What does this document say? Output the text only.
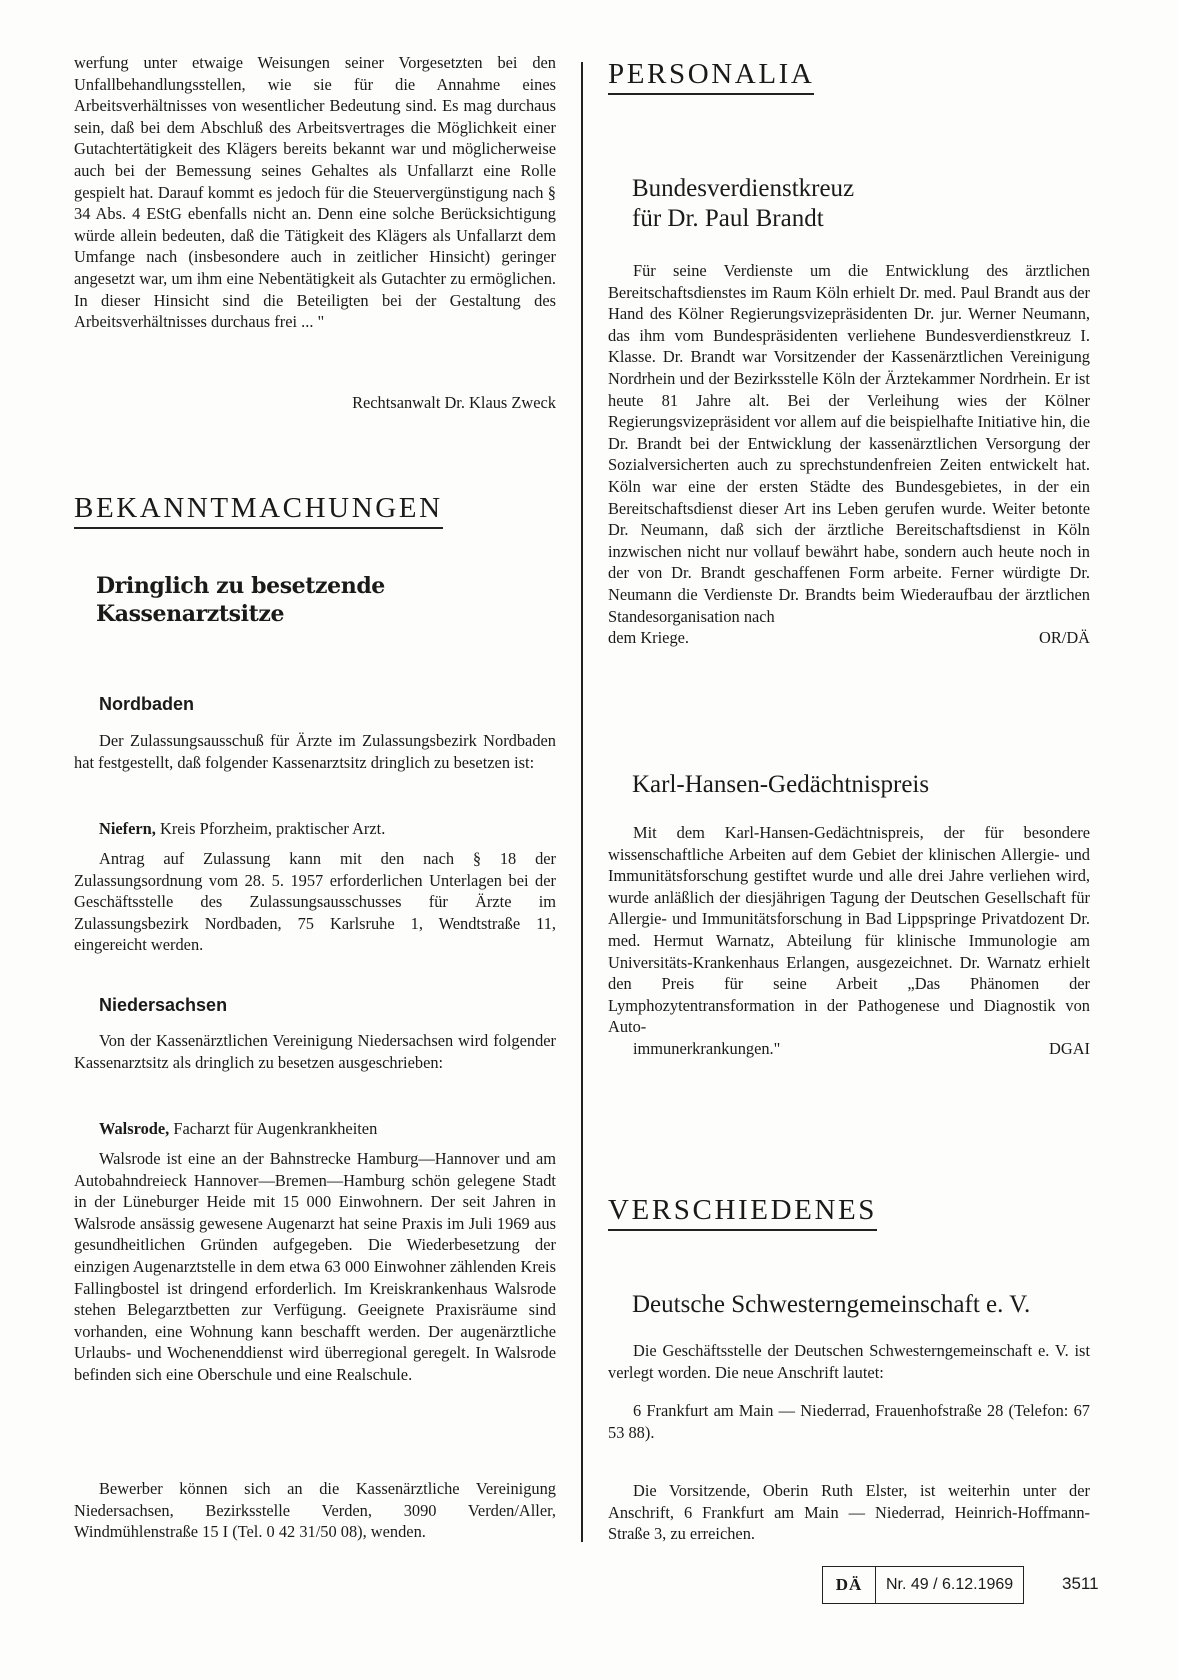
werfung unter etwaige Weisungen seiner Vorgesetzten bei den Unfallbehandlungsstellen, wie sie für die Annahme eines Arbeitsverhältnisses von wesentlicher Bedeutung sind. Es mag durchaus sein, daß bei dem Abschluß des Arbeitsvertrages die Möglichkeit einer Gutachtertätigkeit des Klägers bereits bekannt war und möglicherweise auch bei der Bemessung seines Gehaltes als Unfallarzt eine Rolle gespielt hat. Darauf kommt es jedoch für die Steuervergünstigung nach § 34 Abs. 4 EStG ebenfalls nicht an. Denn eine solche Berücksichtigung würde allein bedeuten, daß die Tätigkeit des Klägers als Unfallarzt dem Umfange nach (insbesondere auch in zeitlicher Hinsicht) geringer angesetzt war, um ihm eine Nebentätigkeit als Gutachter zu ermöglichen. In dieser Hinsicht sind die Beteiligten bei der Gestaltung des Arbeitsverhältnisses durchaus frei ... "

Rechtsanwalt Dr. Klaus Zweck

BEKANNTMACHUNGEN
Dringlich zu besetzende
Kassenarztsitze
Nordbaden

Der Zulassungsausschuß für Ärzte im Zulassungsbezirk Nordbaden hat festgestellt, daß folgender Kassenarztsitz dringlich zu besetzen ist:

Niefern, Kreis Pforzheim, praktischer Arzt.

Antrag auf Zulassung kann mit den nach § 18 der Zulassungsordnung vom 28. 5. 1957 erforderlichen Unterlagen bei der Geschäftsstelle des Zulassungsausschusses für Ärzte im Zulassungsbezirk Nordbaden, 75 Karlsruhe 1, Wendtstraße 11, eingereicht werden.

Niedersachsen

Von der Kassenärztlichen Vereinigung Niedersachsen wird folgender Kassenarztsitz als dringlich zu besetzen ausgeschrieben:

Walsrode, Facharzt für Augenkrankheiten

Walsrode ist eine an der Bahnstrecke Hamburg—Hannover und am Autobahndreieck Hannover—Bremen—Hamburg schön gelegene Stadt in der Lüneburger Heide mit 15 000 Einwohnern. Der seit Jahren in Walsrode ansässig gewesene Augenarzt hat seine Praxis im Juli 1969 aus gesundheitlichen Gründen aufgegeben. Die Wiederbesetzung der einzigen Augenarztstelle in dem etwa 63 000 Einwohner zählenden Kreis Fallingbostel ist dringend erforderlich. Im Kreiskrankenhaus Walsrode stehen Belegarztbetten zur Verfügung. Geeignete Praxisräume sind vorhanden, eine Wohnung kann beschafft werden. Der augenärztliche Urlaubs- und Wochenenddienst wird überregional geregelt. In Walsrode befinden sich eine Oberschule und eine Realschule.

Bewerber können sich an die Kassenärztliche Vereinigung Niedersachsen, Bezirksstelle Verden, 3090 Verden/Aller, Windmühlenstraße 15 I (Tel. 0 42 31/50 08), wenden.

PERSONALIA
Bundesverdienstkreuz
für Dr. Paul Brandt

Für seine Verdienste um die Entwicklung des ärztlichen Bereitschaftsdienstes im Raum Köln erhielt Dr. med. Paul Brandt aus der Hand des Kölner Regierungsvizepräsidenten Dr. jur. Werner Neumann, das ihm vom Bundespräsidenten verliehene Bundesverdienstkreuz I. Klasse. Dr. Brandt war Vorsitzender der Kassenärztlichen Vereinigung Nordrhein und der Bezirksstelle Köln der Ärztekammer Nordrhein. Er ist heute 81 Jahre alt. Bei der Verleihung wies der Kölner Regierungsvizepräsident vor allem auf die beispielhafte Initiative hin, die Dr. Brandt bei der Entwicklung der kassenärztlichen Versorgung der Sozialversicherten auch zu sprechstundenfreien Zeiten entwickelt hat. Köln war eine der ersten Städte des Bundesgebietes, in der ein Bereitschaftsdienst dieser Art ins Leben gerufen wurde. Weiter betonte Dr. Neumann, daß sich der ärztliche Bereitschaftsdienst in Köln inzwischen nicht nur vollauf bewährt habe, sondern auch heute noch in der von Dr. Brandt geschaffenen Form arbeite. Ferner würdigte Dr. Neumann die Verdienste Dr. Brandts beim Wiederaufbau der ärztlichen Standesorganisation nach

dem Kriege.	OR/DÄ

Karl-Hansen-Gedächtnispreis

Mit dem Karl-Hansen-Gedächtnispreis, der für besondere wissenschaftliche Arbeiten auf dem Gebiet der klinischen Allergie- und Immunitätsforschung gestiftet wurde und alle drei Jahre verliehen wird, wurde anläßlich der diesjährigen Tagung der Deutschen Gesellschaft für Allergie- und Immunitätsforschung in Bad Lippspringe Privatdozent Dr. med. Hermut Warnatz, Abteilung für klinische Immunologie am Universitäts-Krankenhaus Erlangen, ausgezeichnet. Dr. Warnatz erhielt den Preis für seine Arbeit „Das Phänomen der Lymphozytentransformation in der Pathogenese und Diagnostik von Auto-

immunerkrankungen."	DGAI

VERSCHIEDENES
Deutsche Schwesterngemeinschaft e. V.

Die Geschäftsstelle der Deutschen Schwesterngemeinschaft e. V. ist verlegt worden. Die neue Anschrift lautet:

6 Frankfurt am Main — Niederrad, Frauenhofstraße 28 (Telefon: 67 53 88).

Die Vorsitzende, Oberin Ruth Elster, ist weiterhin unter der Anschrift, 6 Frankfurt am Main — Niederrad, Heinrich-Hoffmann-Straße 3, zu erreichen.

DÄ	Nr. 49 / 6.12.1969	3511
